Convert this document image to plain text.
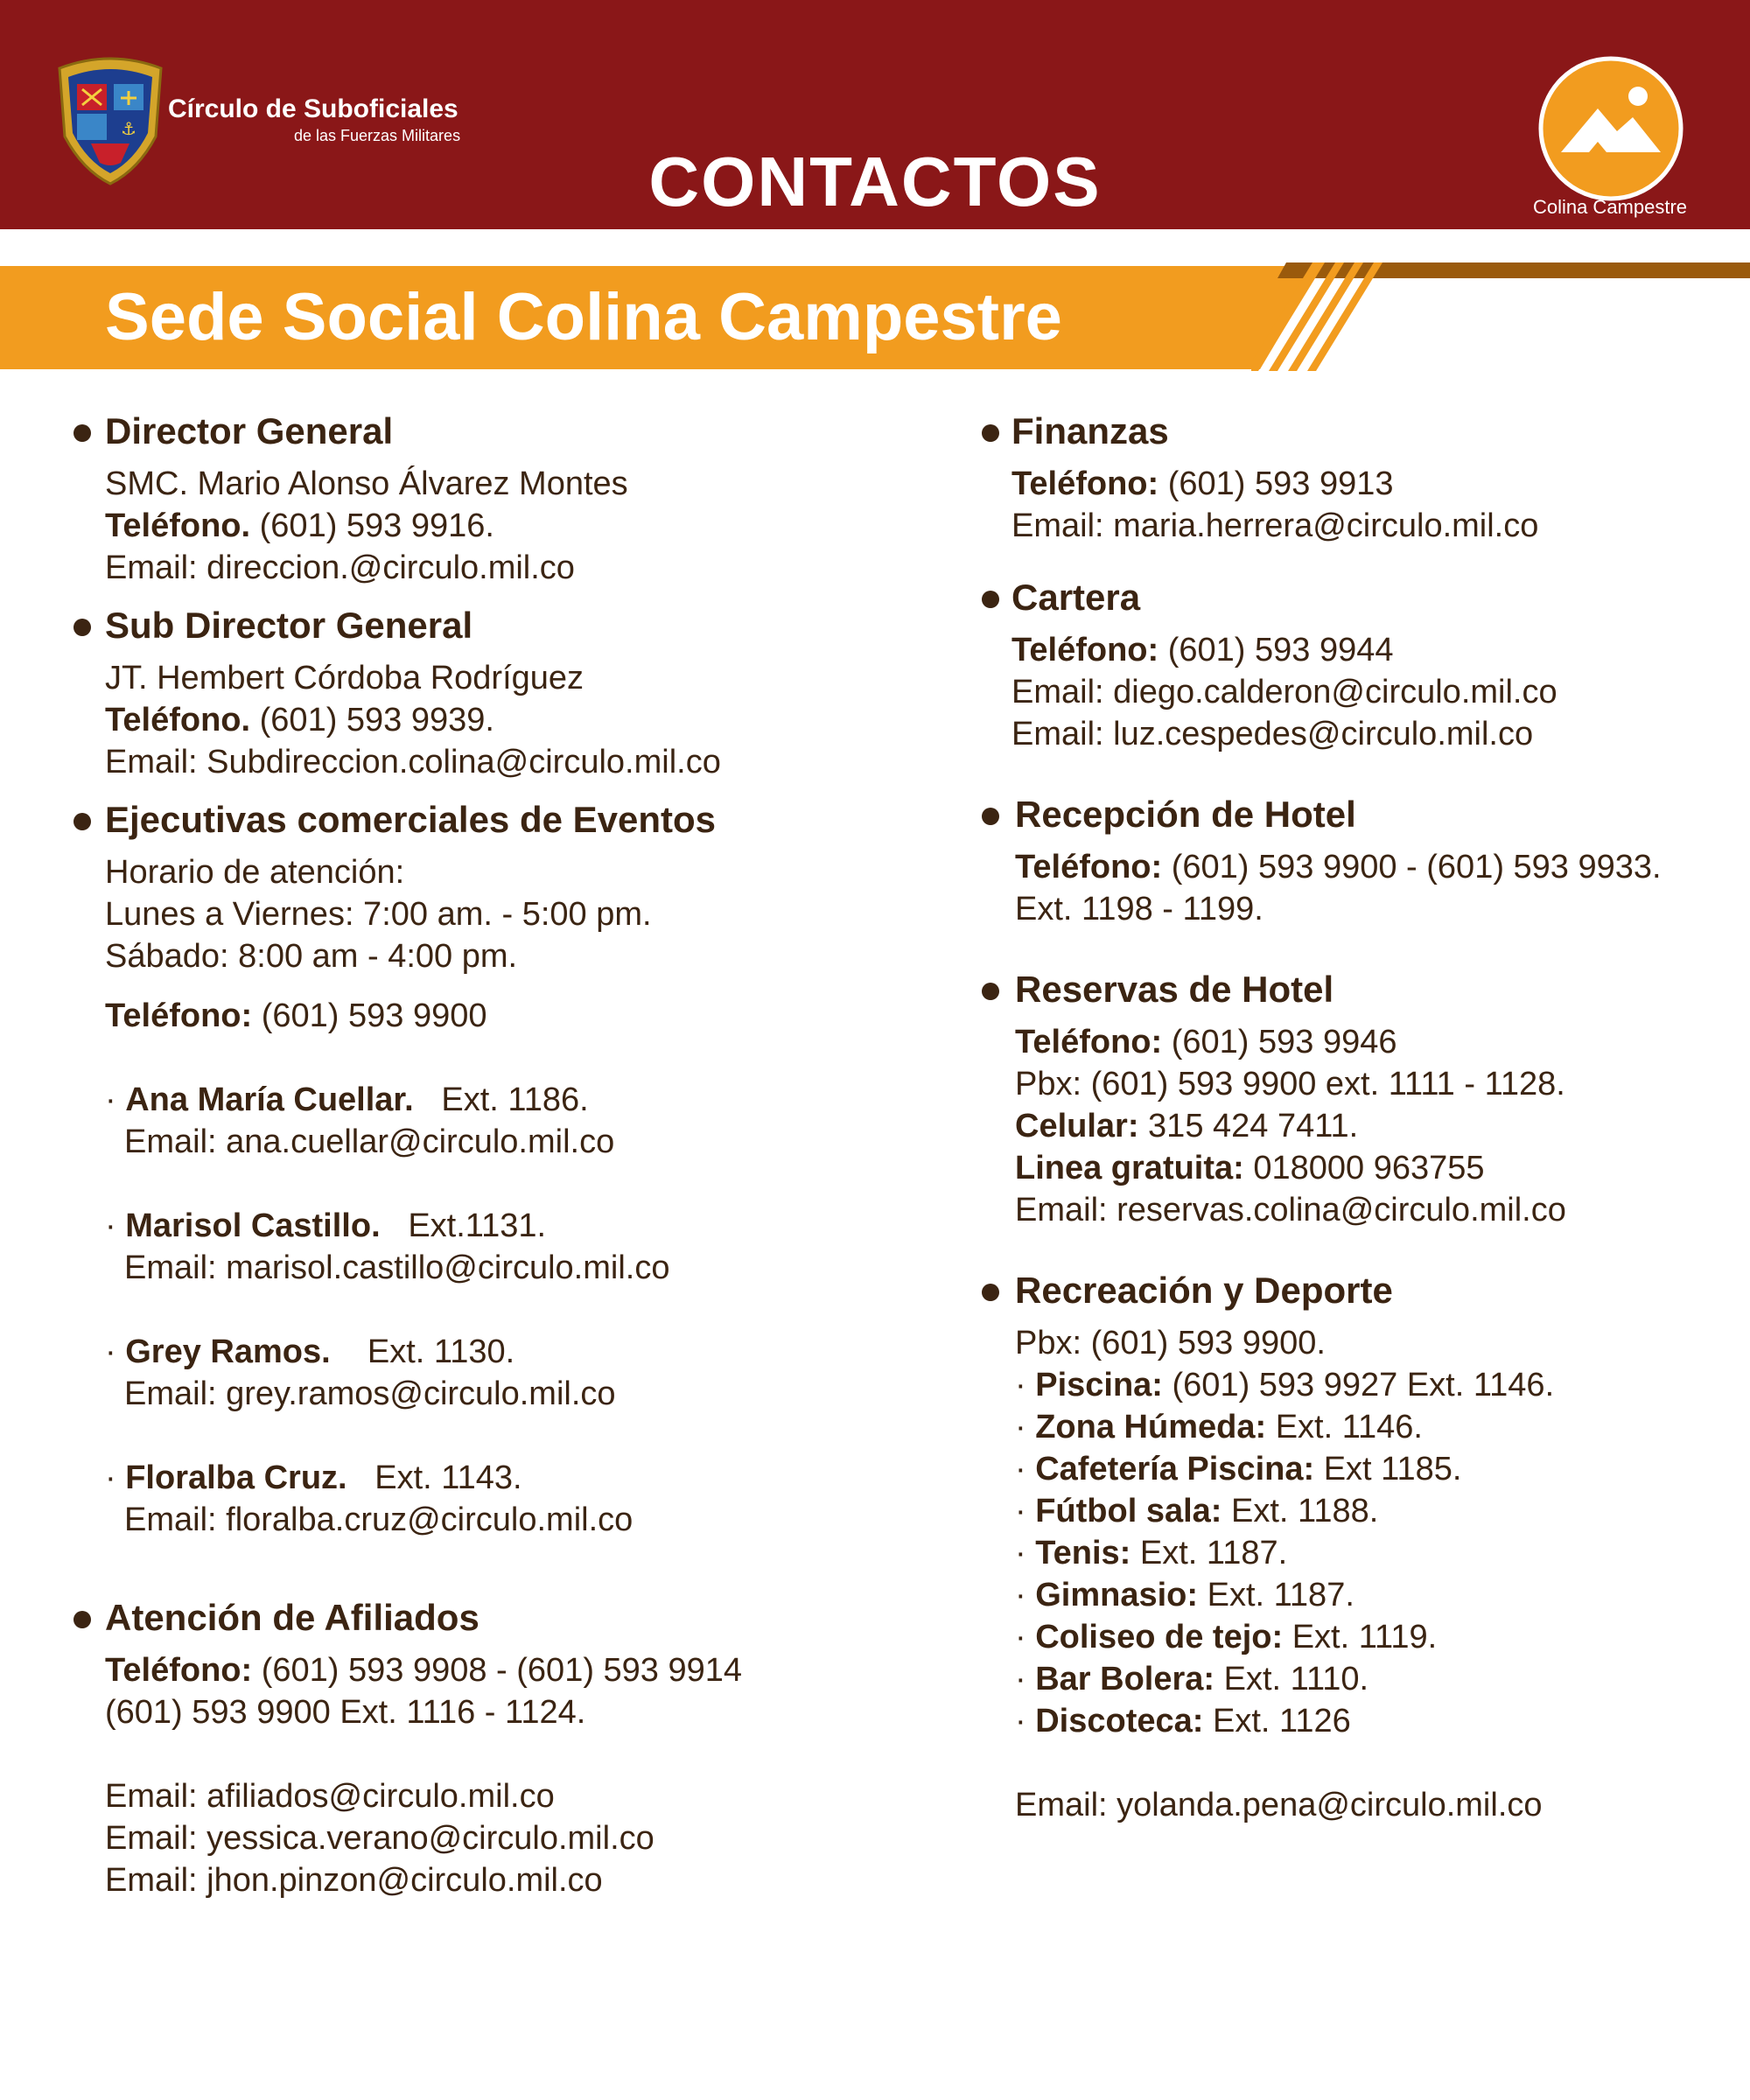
⚓
Círculo de Suboficiales
de las Fuerzas Militares
CONTACTOS	Colina Campestre
Sede Social Colina Campestre
Director General
SMC. Mario Alonso Álvarez Montes
Teléfono. (601) 593 9916.
Email: direccion.@circulo.mil.co
Sub Director General
JT. Hembert Córdoba Rodríguez
Teléfono. (601) 593 9939.
Email: Subdireccion.colina@circulo.mil.co
Ejecutivas comerciales de Eventos
Horario de atención:
Lunes a Viernes: 7:00 am. - 5:00 pm.
Sábado: 8:00 am - 4:00 pm.
Teléfono: (601) 593 9900
· Ana María Cuellar. Ext. 1186.
Email: ana.cuellar@circulo.mil.co
· Marisol Castillo. Ext.1131.
Email: marisol.castillo@circulo.mil.co
· Grey Ramos. Ext. 1130.
Email: grey.ramos@circulo.mil.co
· Floralba Cruz. Ext. 1143.
Email: floralba.cruz@circulo.mil.co
Atención de Afiliados
Teléfono: (601) 593 9908 - (601) 593 9914
(601) 593 9900 Ext. 1116 - 1124.
Email: afiliados@circulo.mil.co
Email: yessica.verano@circulo.mil.co
Email: jhon.pinzon@circulo.mil.co
Finanzas
Teléfono: (601) 593 9913
Email: maria.herrera@circulo.mil.co
Cartera
Teléfono: (601) 593 9944
Email: diego.calderon@circulo.mil.co
Email: luz.cespedes@circulo.mil.co
Recepción de Hotel
Teléfono: (601) 593 9900 - (601) 593 9933.
Ext. 1198 - 1199.
Reservas de Hotel
Teléfono: (601) 593 9946
Pbx: (601) 593 9900 ext. 1111 - 1128.
Celular: 315 424 7411.
Linea gratuita: 018000 963755
Email: reservas.colina@circulo.mil.co
Recreación y Deporte
Pbx: (601) 593 9900.
· Piscina: (601) 593 9927 Ext. 1146.
· Zona Húmeda: Ext. 1146.
· Cafetería Piscina: Ext 1185.
· Fútbol sala: Ext. 1188.
· Tenis: Ext. 1187.
· Gimnasio: Ext. 1187.
· Coliseo de tejo: Ext. 1119.
· Bar Bolera: Ext. 1110.
· Discoteca: Ext. 1126
Email: yolanda.pena@circulo.mil.co
